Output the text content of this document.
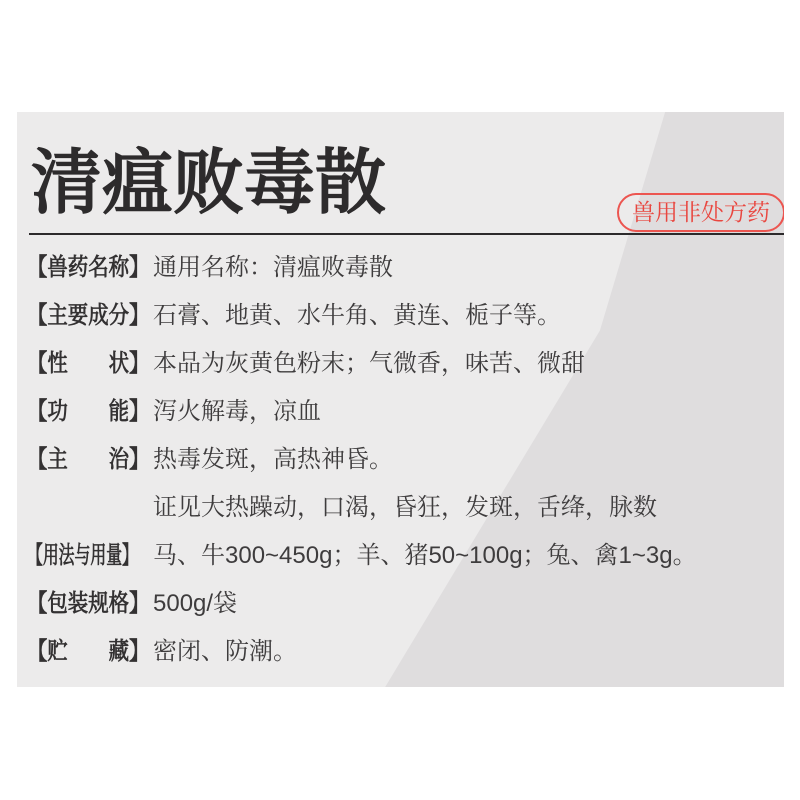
清瘟败毒散	兽用非处方药
【兽药名称】 通用名称：清瘟败毒散
【主要成分】 石膏、地黄、水牛角、黄连、栀子等。
【性　　状】 本品为灰黄色粉末；气微香，味苦、微甜
【功　　能】 泻火解毒，凉血
【主　　治】 热毒发斑，高热神昏。
证见大热躁动，口渴，昏狂，发斑，舌绛，脉数
【用法与用量】 马、牛300~450g；羊、猪50~100g；兔、禽1~3g。
【包装规格】 500g/袋
【贮　　藏】 密闭、防潮。
